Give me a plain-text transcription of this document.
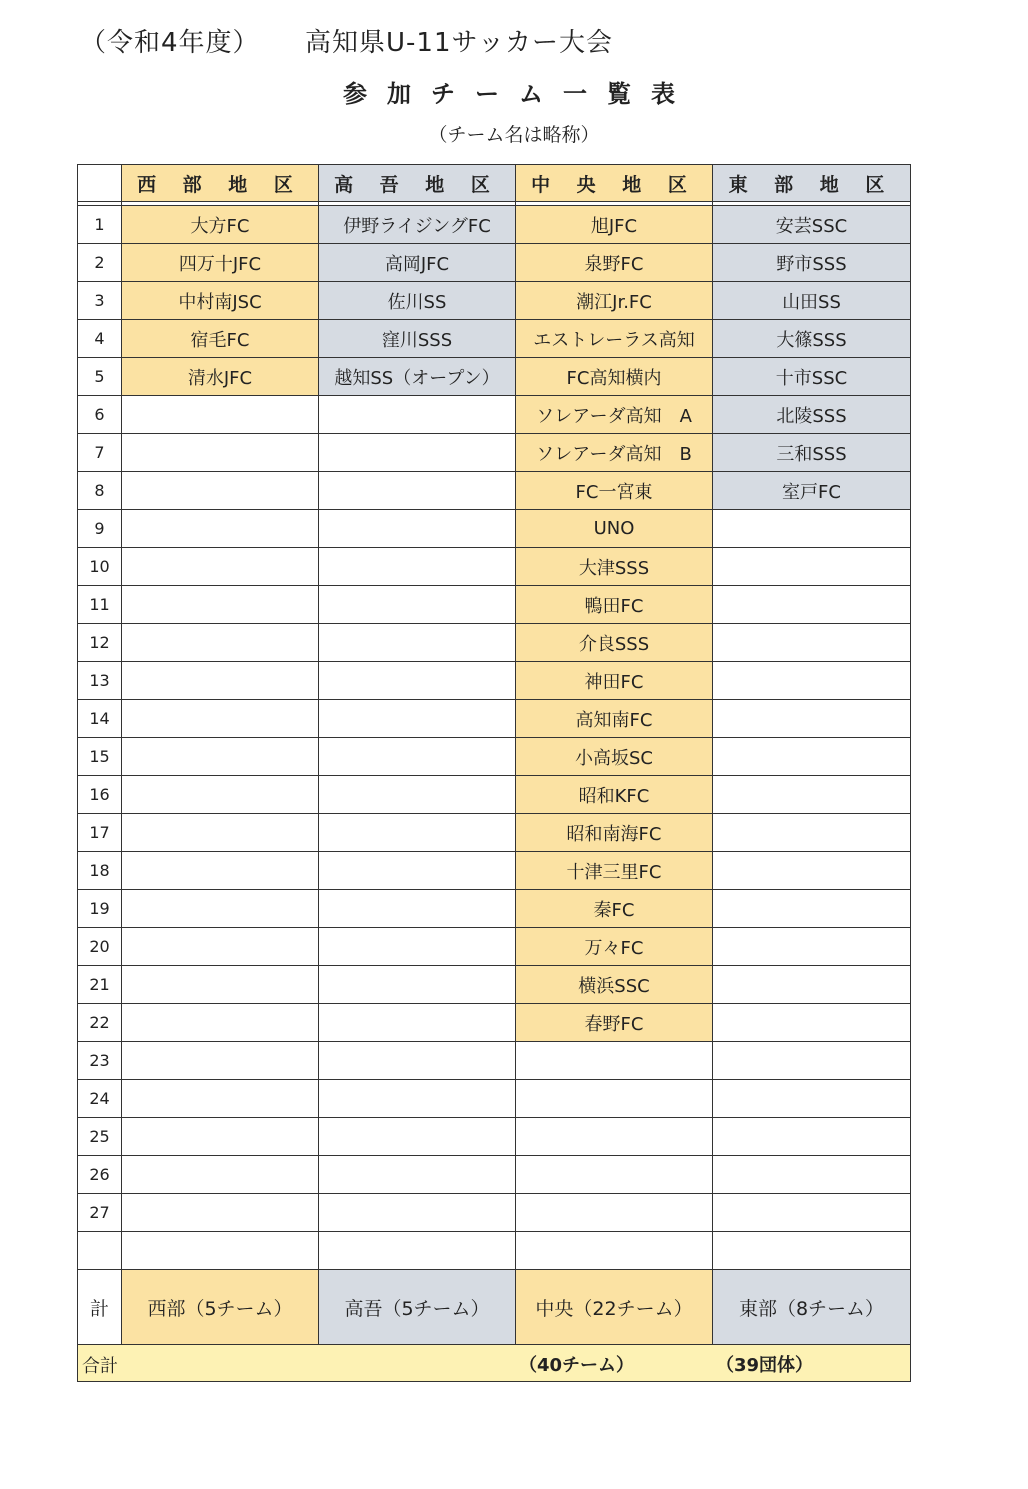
（令和4年度） 高知県U-11サッカー大会
参加チーム一覧表
（チーム名は略称）
	西 部 地 区	高 吾 地 区	中 央 地 区	東 部 地 区

1	大方FC	伊野ライジングFC	旭JFC	安芸SSC
2	四万十JFC	高岡JFC	泉野FC	野市SSS
3	中村南JSC	佐川SS	潮江Jr.FC	山田SS
4	宿毛FC	窪川SSS	エストレーラス高知	大篠SSS
5	清水JFC	越知SS（オープン）	FC高知横内	十市SSC
6			ソレアーダ高知　A	北陵SSS
7			ソレアーダ高知　B	三和SSS
8			FC一宮東	室戸FC
9			UNO	
10			大津SSS	
11			鴨田FC	
12			介良SSS	
13			神田FC	
14			高知南FC	
15			小高坂SC	
16			昭和KFC	
17			昭和南海FC	
18			十津三里FC	
19			秦FC	
20			万々FC	
21			横浜SSC	
22			春野FC	
23				
24				
25				
26				
27				

計	西部（5チーム）	高吾（5チーム）	中央（22チーム）	東部（8チーム）

合計 （40チーム） （39団体）				
